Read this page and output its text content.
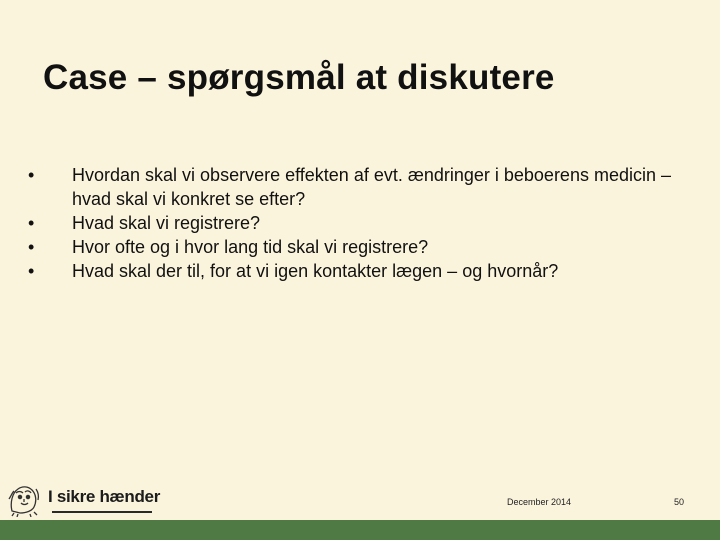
Case – spørgsmål at diskutere
•	Hvordan skal vi observere effekten af evt. ændringer i beboerens medicin – hvad skal vi konkret se efter?
•	Hvad skal vi registrere?
•	Hvor ofte og i hvor lang tid skal vi registrere?
•	Hvad skal der til, for at vi igen kontakter lægen – og hvornår?
I sikre hænder	December 2014	50
